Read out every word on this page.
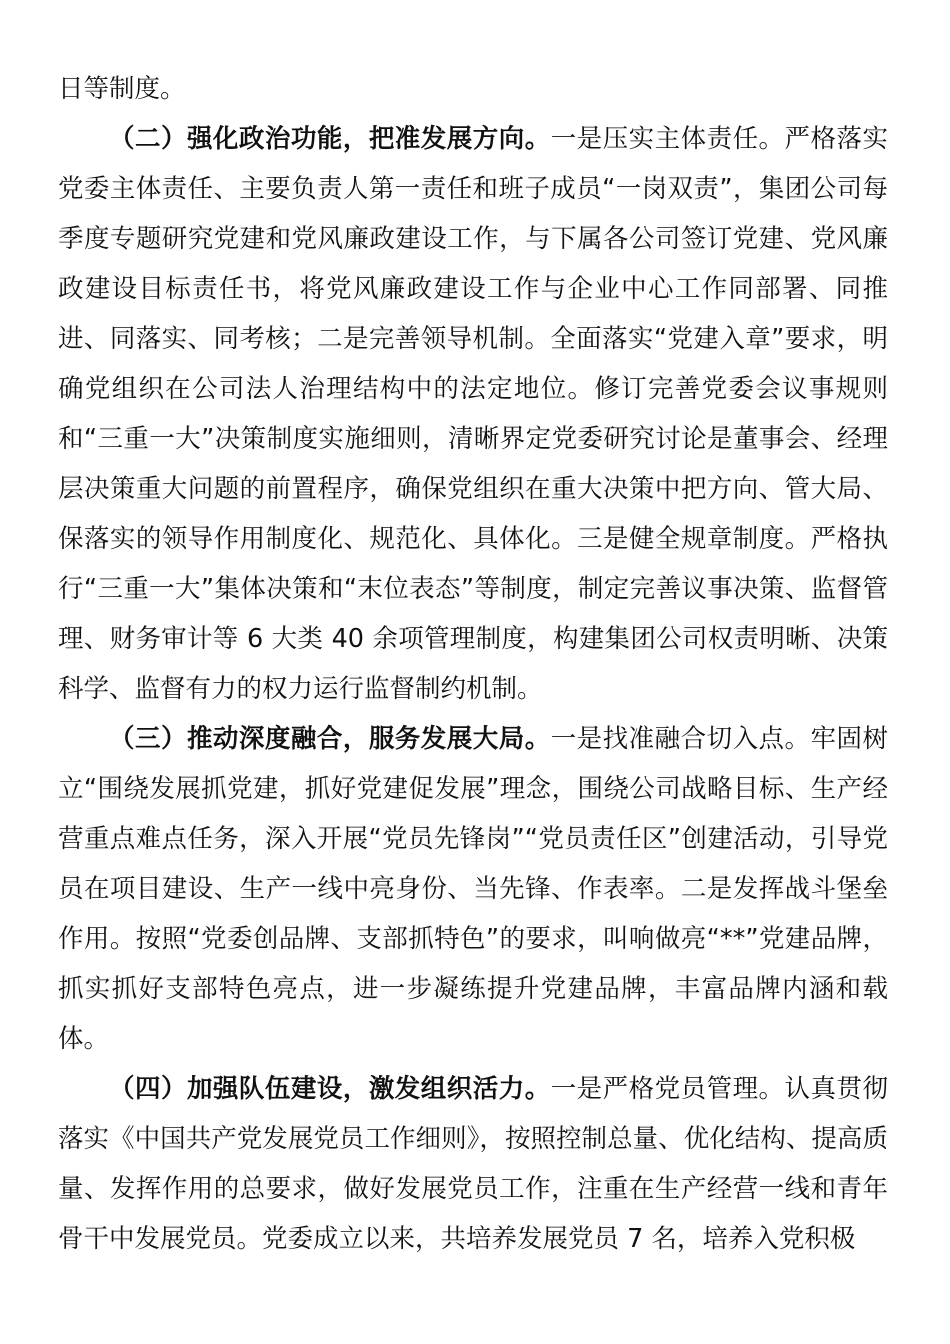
日等制度。

（二）强化政治功能，把准发展方向。一是压实主体责任。严格落实党委主体责任、主要负责人第一责任和班子成员“一岗双责”，集团公司每季度专题研究党建和党风廉政建设工作，与下属各公司签订党建、党风廉政建设目标责任书，将党风廉政建设工作与企业中心工作同部署、同推进、同落实、同考核；二是完善领导机制。全面落实“党建入章”要求，明确党组织在公司法人治理结构中的法定地位。修订完善党委会议事规则和“三重一大”决策制度实施细则，清晰界定党委研究讨论是董事会、经理层决策重大问题的前置程序，确保党组织在重大决策中把方向、管大局、保落实的领导作用制度化、规范化、具体化。三是健全规章制度。严格执行“三重一大”集体决策和“末位表态”等制度，制定完善议事决策、监督管理、财务审计等 6 大类 40 余项管理制度，构建集团公司权责明晰、决策科学、监督有力的权力运行监督制约机制。

（三）推动深度融合，服务发展大局。一是找准融合切入点。牢固树立“围绕发展抓党建，抓好党建促发展”理念，围绕公司战略目标、生产经营重点难点任务，深入开展“党员先锋岗”“党员责任区”创建活动，引导党员在项目建设、生产一线中亮身份、当先锋、作表率。二是发挥战斗堡垒作用。按照“党委创品牌、支部抓特色”的要求，叫响做亮“**”党建品牌，抓实抓好支部特色亮点，进一步凝练提升党建品牌，丰富品牌内涵和载体。

（四）加强队伍建设，激发组织活力。一是严格党员管理。认真贯彻落实《中国共产党发展党员工作细则》，按照控制总量、优化结构、提高质量、发挥作用的总要求，做好发展党员工作，注重在生产经营一线和青年骨干中发展党员。党委成立以来，共培养发展党员 7 名，培养入党积极
